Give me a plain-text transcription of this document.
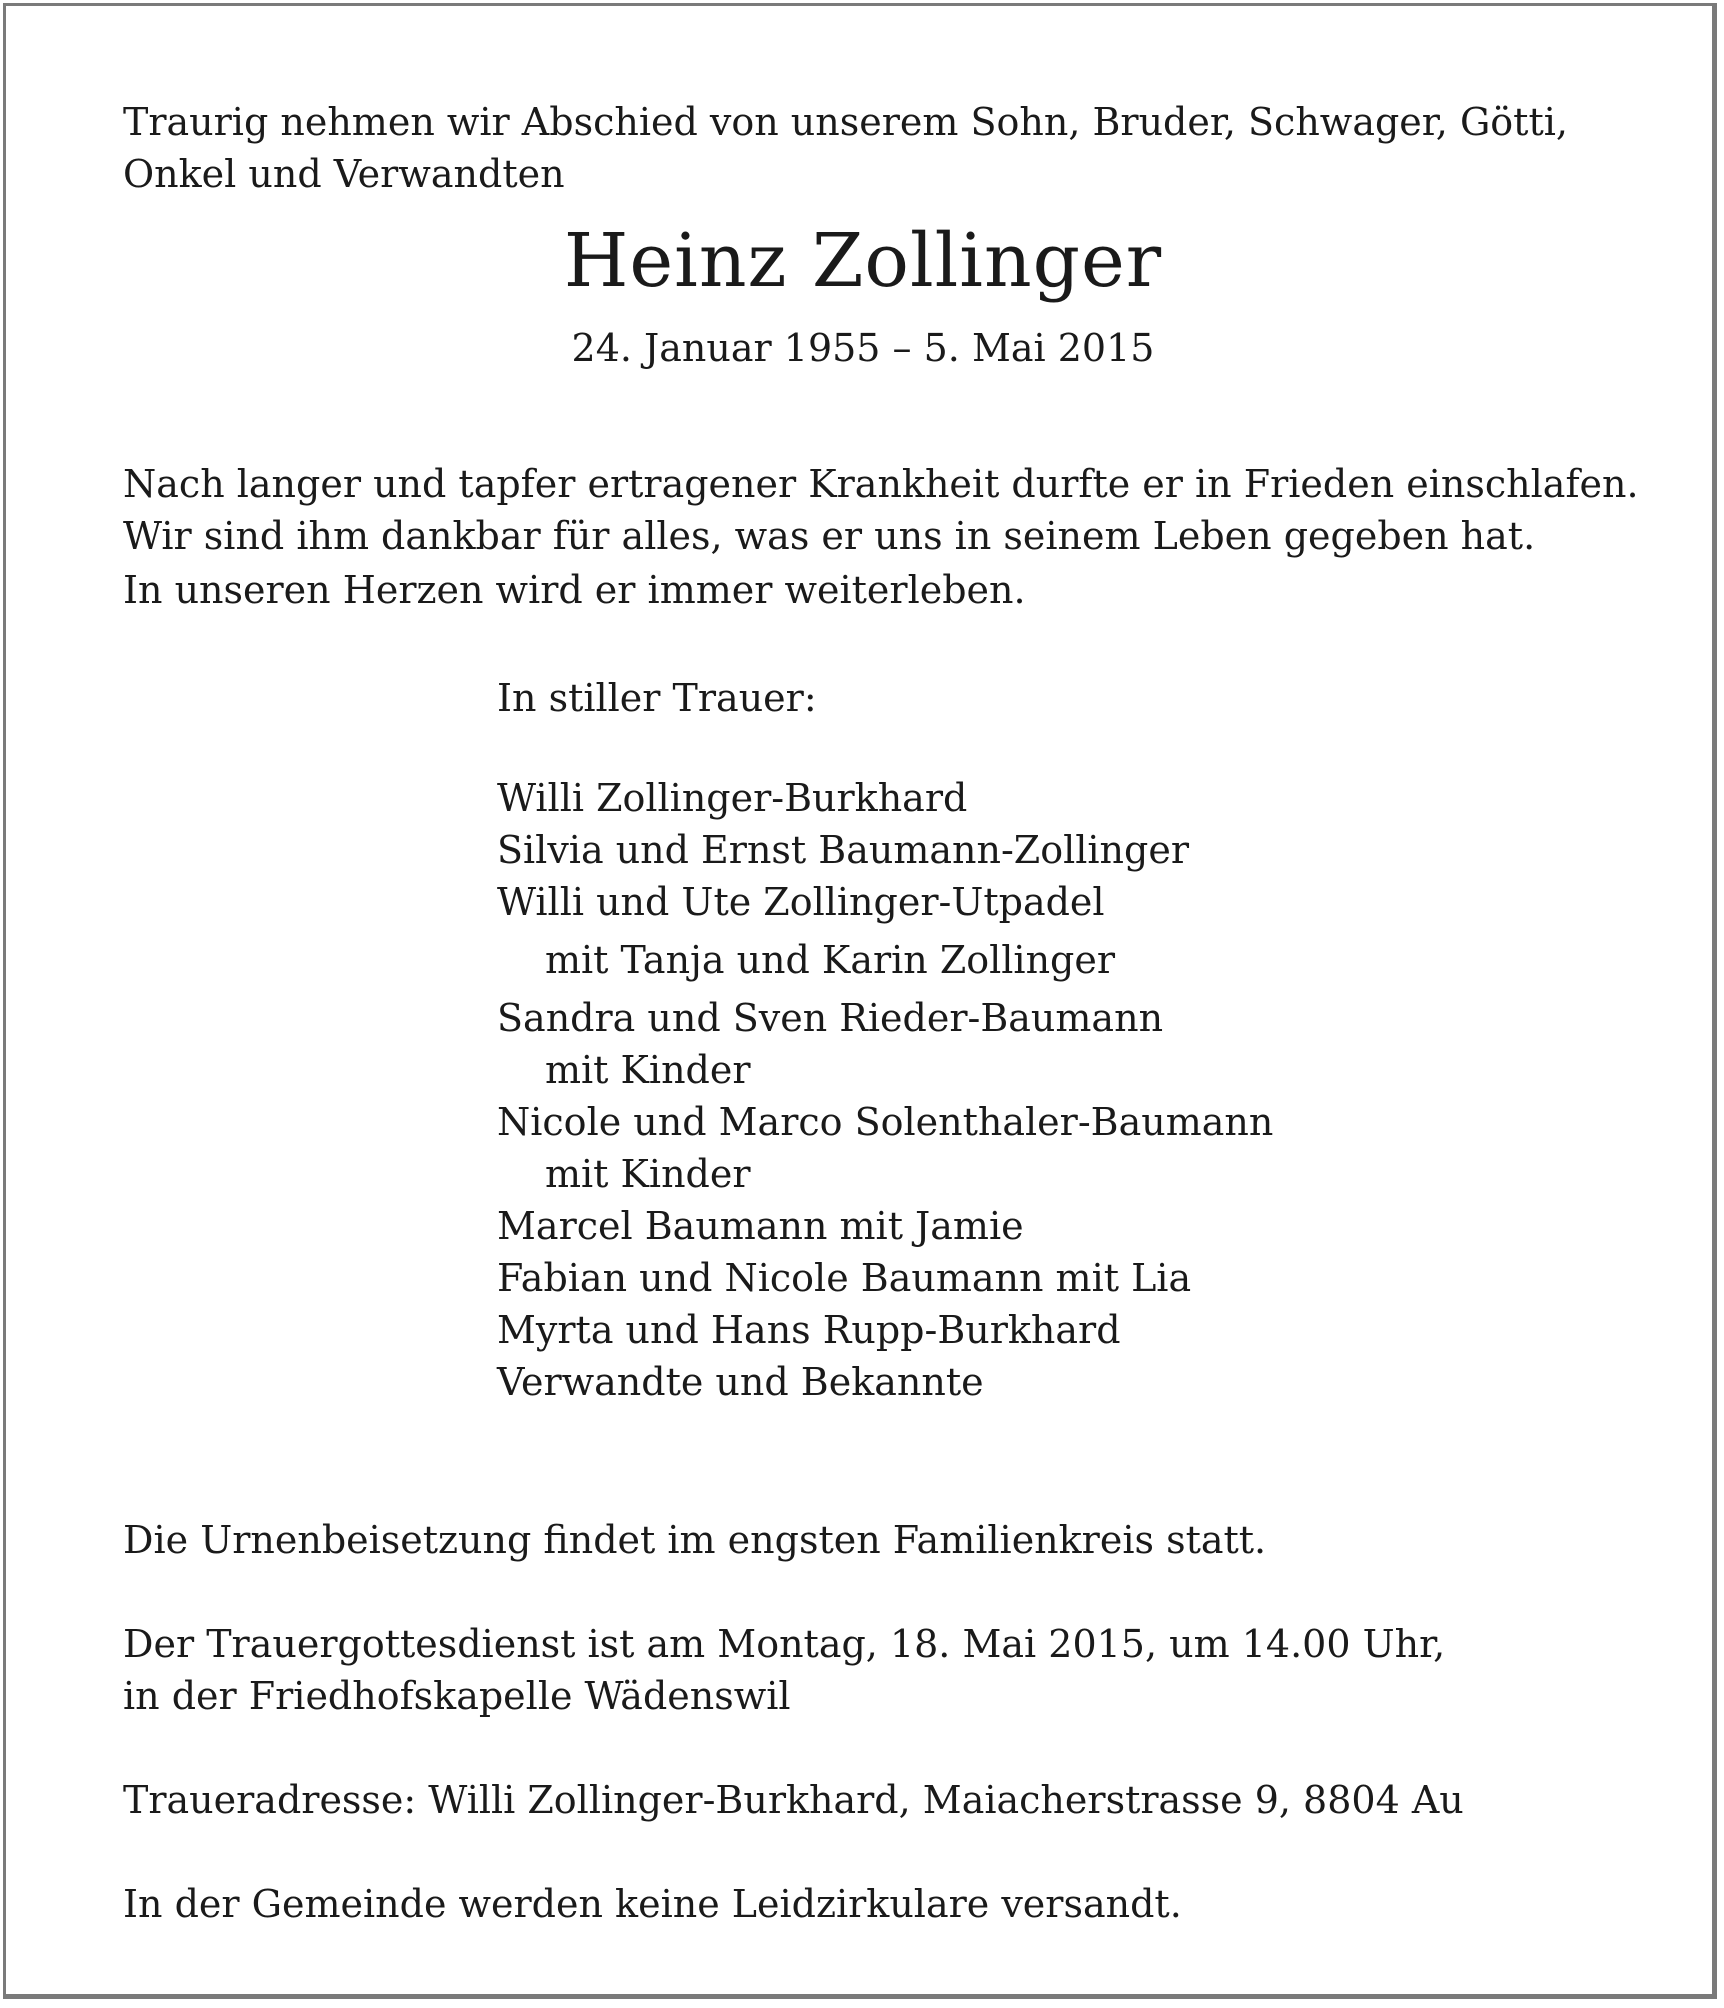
Traurig nehmen wir Abschied von unserem Sohn, Bruder, Schwager, Götti,

Onkel und Verwandten

Heinz Zollinger
24. Januar 1955 – 5. Mai 2015

Nach langer und tapfer ertragener Krankheit durfte er in Frieden einschlafen.

Wir sind ihm dankbar für alles, was er uns in seinem Leben gegeben hat.

In unseren Herzen wird er immer weiterleben.

In stiller Trauer:

Willi Zollinger-Burkhard

Silvia und Ernst Baumann-Zollinger

Willi und Ute Zollinger-Utpadel

mit Tanja und Karin Zollinger

Sandra und Sven Rieder-Baumann

mit Kinder

Nicole und Marco Solenthaler-Baumann

mit Kinder

Marcel Baumann mit Jamie

Fabian und Nicole Baumann mit Lia

Myrta und Hans Rupp-Burkhard

Verwandte und Bekannte

Die Urnenbeisetzung findet im engsten Familienkreis statt.

Der Trauergottesdienst ist am Montag, 18. Mai 2015, um 14.00 Uhr,

in der Friedhofskapelle Wädenswil

Traueradresse: Willi Zollinger-Burkhard, Maiacherstrasse 9, 8804 Au

In der Gemeinde werden keine Leidzirkulare versandt.
